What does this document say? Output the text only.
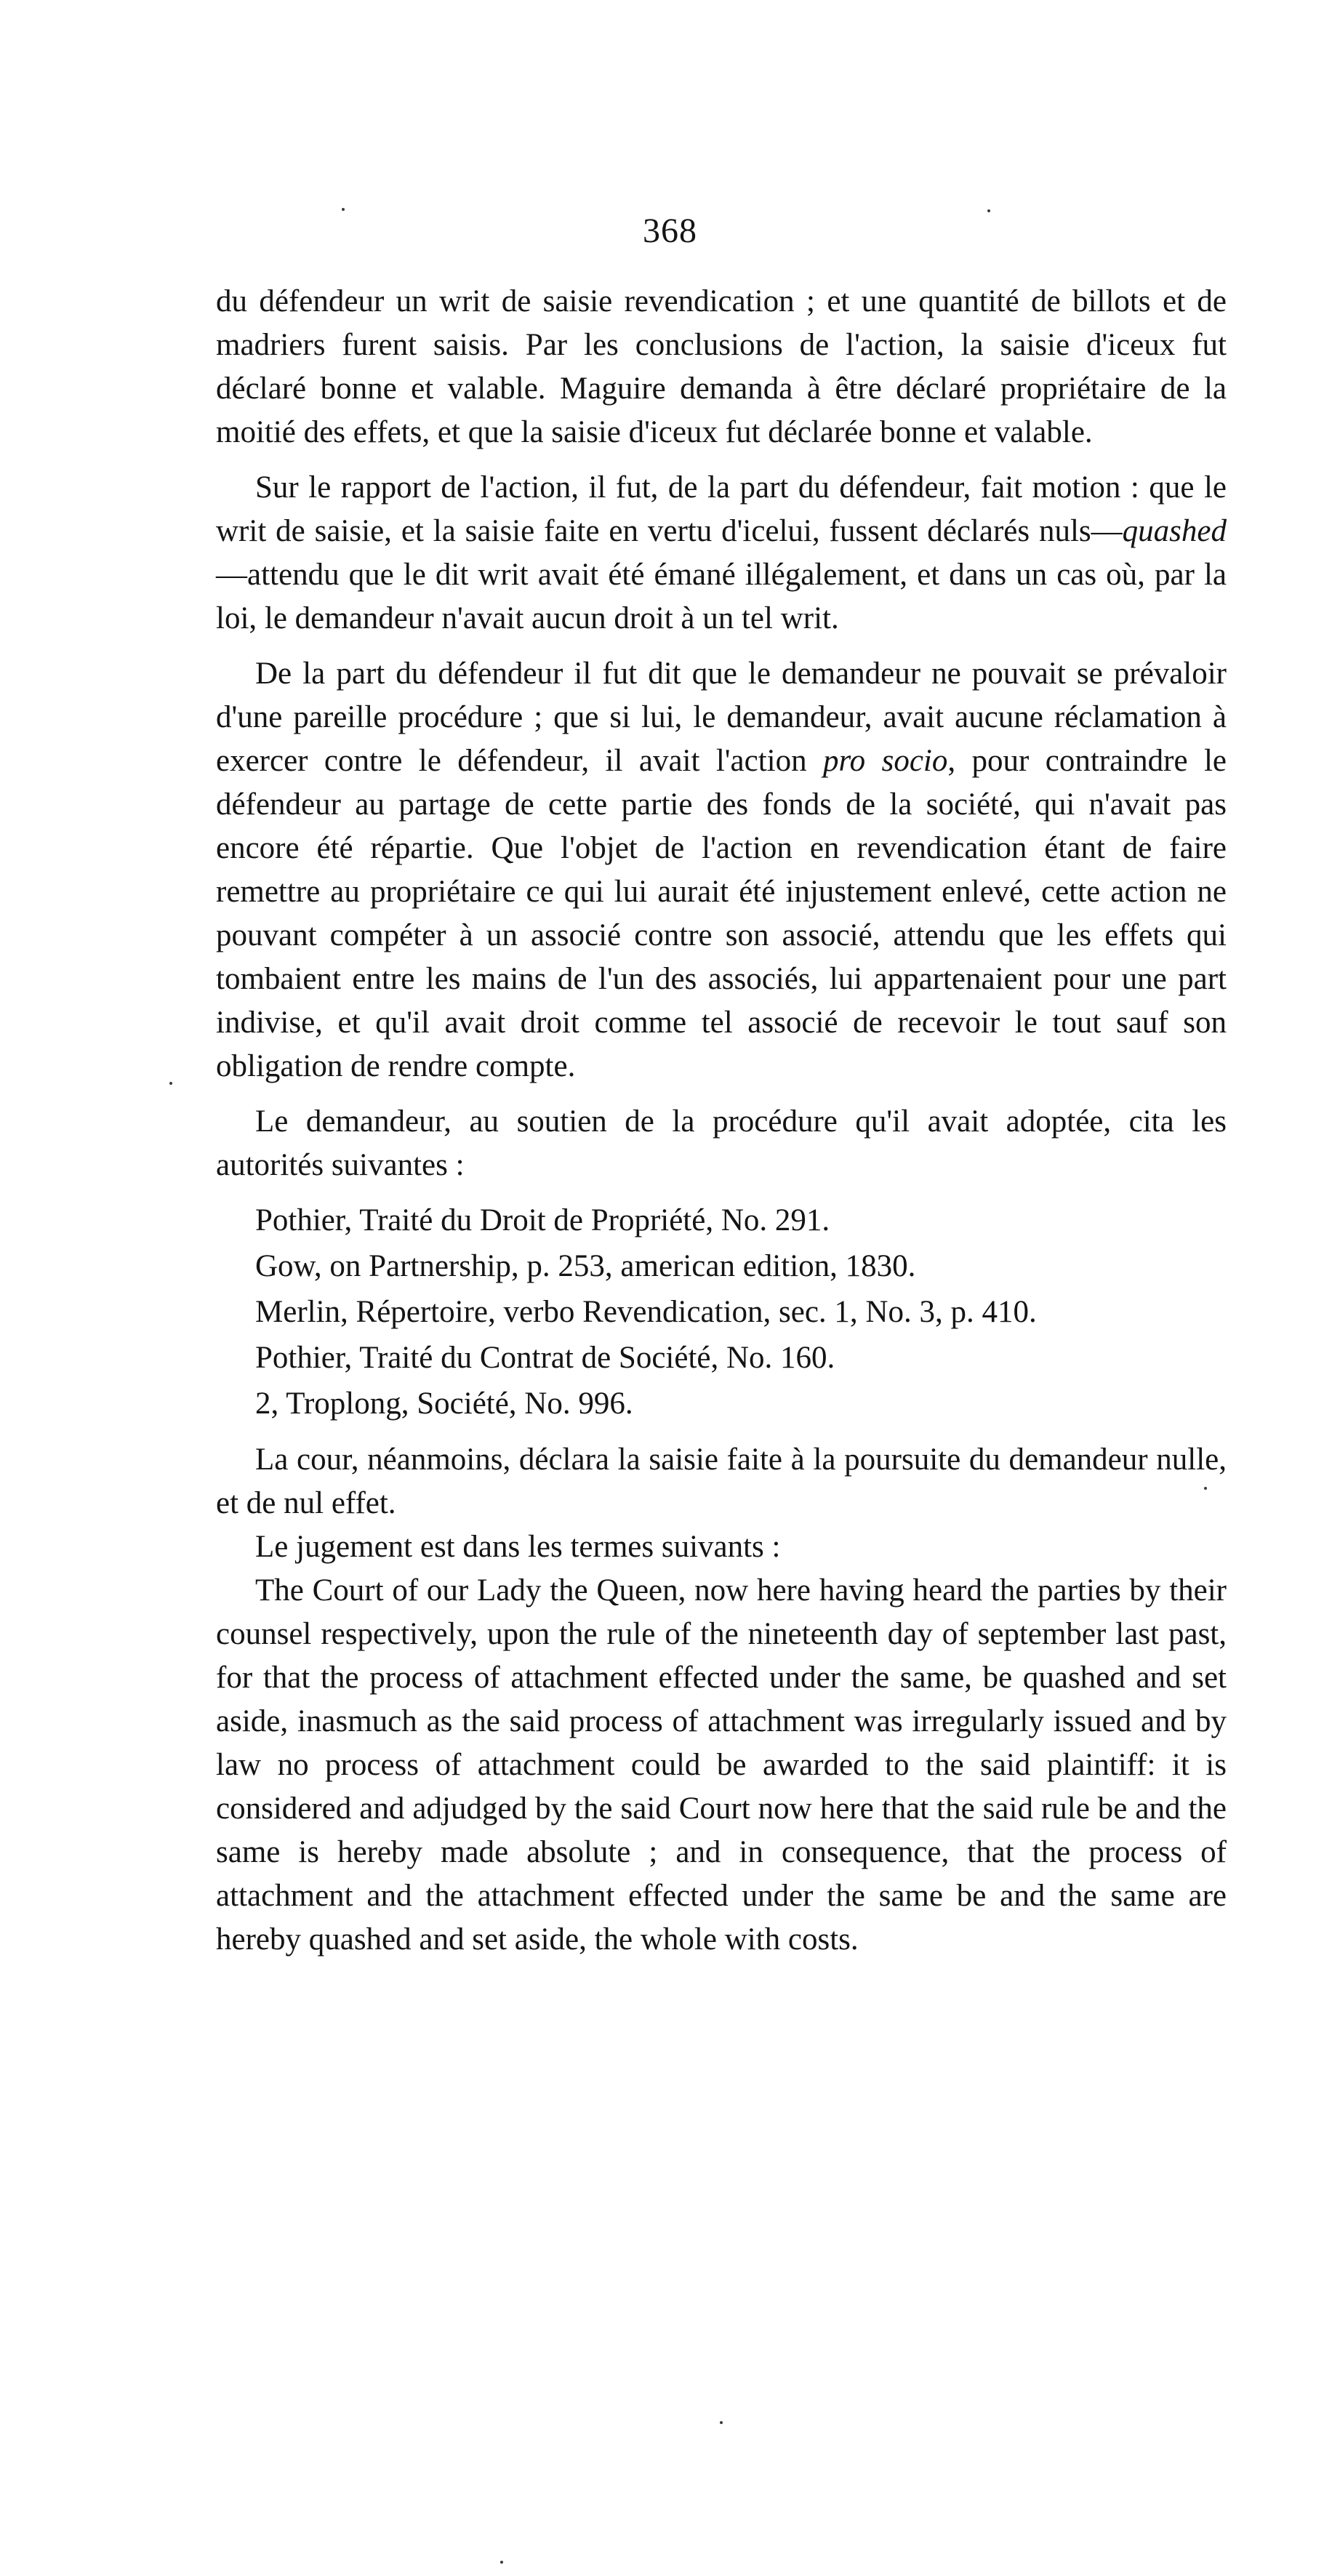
368

du défendeur un writ de saisie revendication ; et une quantité de billots et de madriers furent saisis. Par les conclusions de l'action, la saisie d'iceux fut déclaré bonne et valable. Maguire demanda à être déclaré propriétaire de la moitié des effets, et que la saisie d'iceux fut déclarée bonne et valable.

Sur le rapport de l'action, il fut, de la part du défendeur, fait motion : que le writ de saisie, et la saisie faite en vertu d'icelui, fussent déclarés nuls—quashed—attendu que le dit writ avait été émané illégalement, et dans un cas où, par la loi, le demandeur n'avait aucun droit à un tel writ.

De la part du défendeur il fut dit que le demandeur ne pouvait se prévaloir d'une pareille procédure ; que si lui, le demandeur, avait aucune réclamation à exercer contre le défendeur, il avait l'action pro socio, pour contraindre le défendeur au partage de cette partie des fonds de la société, qui n'avait pas encore été répartie. Que l'objet de l'action en revendication étant de faire remettre au propriétaire ce qui lui aurait été injustement enlevé, cette action ne pouvant compéter à un associé contre son associé, attendu que les effets qui tombaient entre les mains de l'un des associés, lui appartenaient pour une part indivise, et qu'il avait droit comme tel associé de recevoir le tout sauf son obligation de rendre compte.

Le demandeur, au soutien de la procédure qu'il avait adoptée, cita les autorités suivantes :

Pothier, Traité du Droit de Propriété, No. 291.
Gow, on Partnership, p. 253, american edition, 1830.
Merlin, Répertoire, verbo Revendication, sec. 1, No. 3, p. 410.
Pothier, Traité du Contrat de Société, No. 160.
2, Troplong, Société, No. 996.

La cour, néanmoins, déclara la saisie faite à la poursuite du demandeur nulle, et de nul effet.

Le jugement est dans les termes suivants :

The Court of our Lady the Queen, now here having heard the parties by their counsel respectively, upon the rule of the nineteenth day of september last past, for that the process of attachment effected under the same, be quashed and set aside, inasmuch as the said process of attachment was irregularly issued and by law no process of attachment could be awarded to the said plaintiff: it is considered and adjudged by the said Court now here that the said rule be and the same is hereby made absolute ; and in consequence, that the process of attachment and the attachment effected under the same be and the same are hereby quashed and set aside, the whole with costs.
